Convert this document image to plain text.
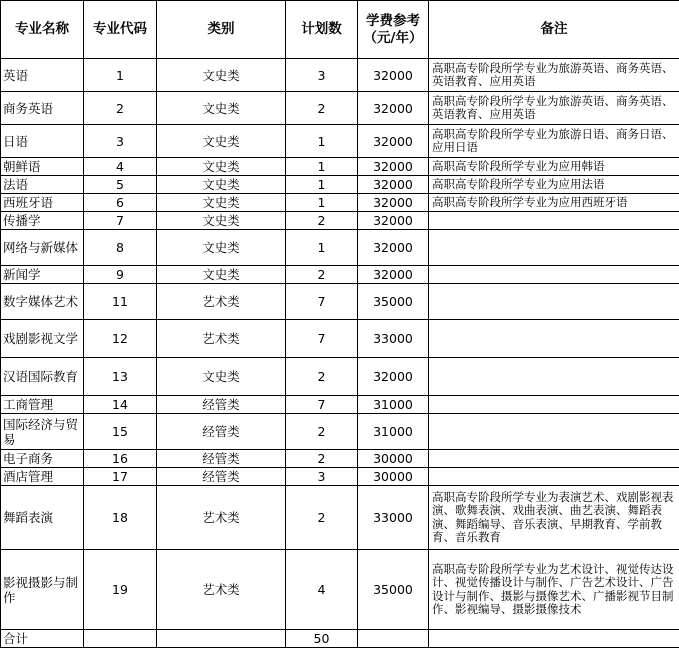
专业名称	专业代码	类别	计划数	学费参考（元/年）	备注
英语	1	文史类	3	32000	高职高专阶段所学专业为旅游英语、商务英语、英语教育、应用英语
商务英语	2	文史类	2	32000	高职高专阶段所学专业为旅游英语、商务英语、英语教育、应用英语
日语	3	文史类	1	32000	高职高专阶段所学专业为旅游日语、商务日语、应用日语
朝鲜语	4	文史类	1	32000	高职高专阶段所学专业为应用韩语
法语	5	文史类	1	32000	高职高专阶段所学专业为应用法语
西班牙语	6	文史类	1	32000	高职高专阶段所学专业为应用西班牙语
传播学	7	文史类	2	32000	
网络与新媒体	8	文史类	1	32000	
新闻学	9	文史类	2	32000	
数字媒体艺术	11	艺术类	7	35000	
戏剧影视文学	12	艺术类	7	33000	
汉语国际教育	13	文史类	2	32000	
工商管理	14	经管类	7	31000	
国际经济与贸易	15	经管类	2	31000	
电子商务	16	经管类	2	30000	
酒店管理	17	经管类	3	30000	
舞蹈表演	18	艺术类	2	33000	高职高专阶段所学专业为表演艺术、戏剧影视表演、歌舞表演、戏曲表演、曲艺表演、舞蹈表演、舞蹈编导、音乐表演、早期教育、学前教育、音乐教育
影视摄影与制作	19	艺术类	4	35000	高职高专阶段所学专业为艺术设计、视觉传达设计、视觉传播设计与制作、广告艺术设计、广告设计与制作、摄影与摄像艺术、广播影视节目制作、影视编导、摄影摄像技术
合计			50		
